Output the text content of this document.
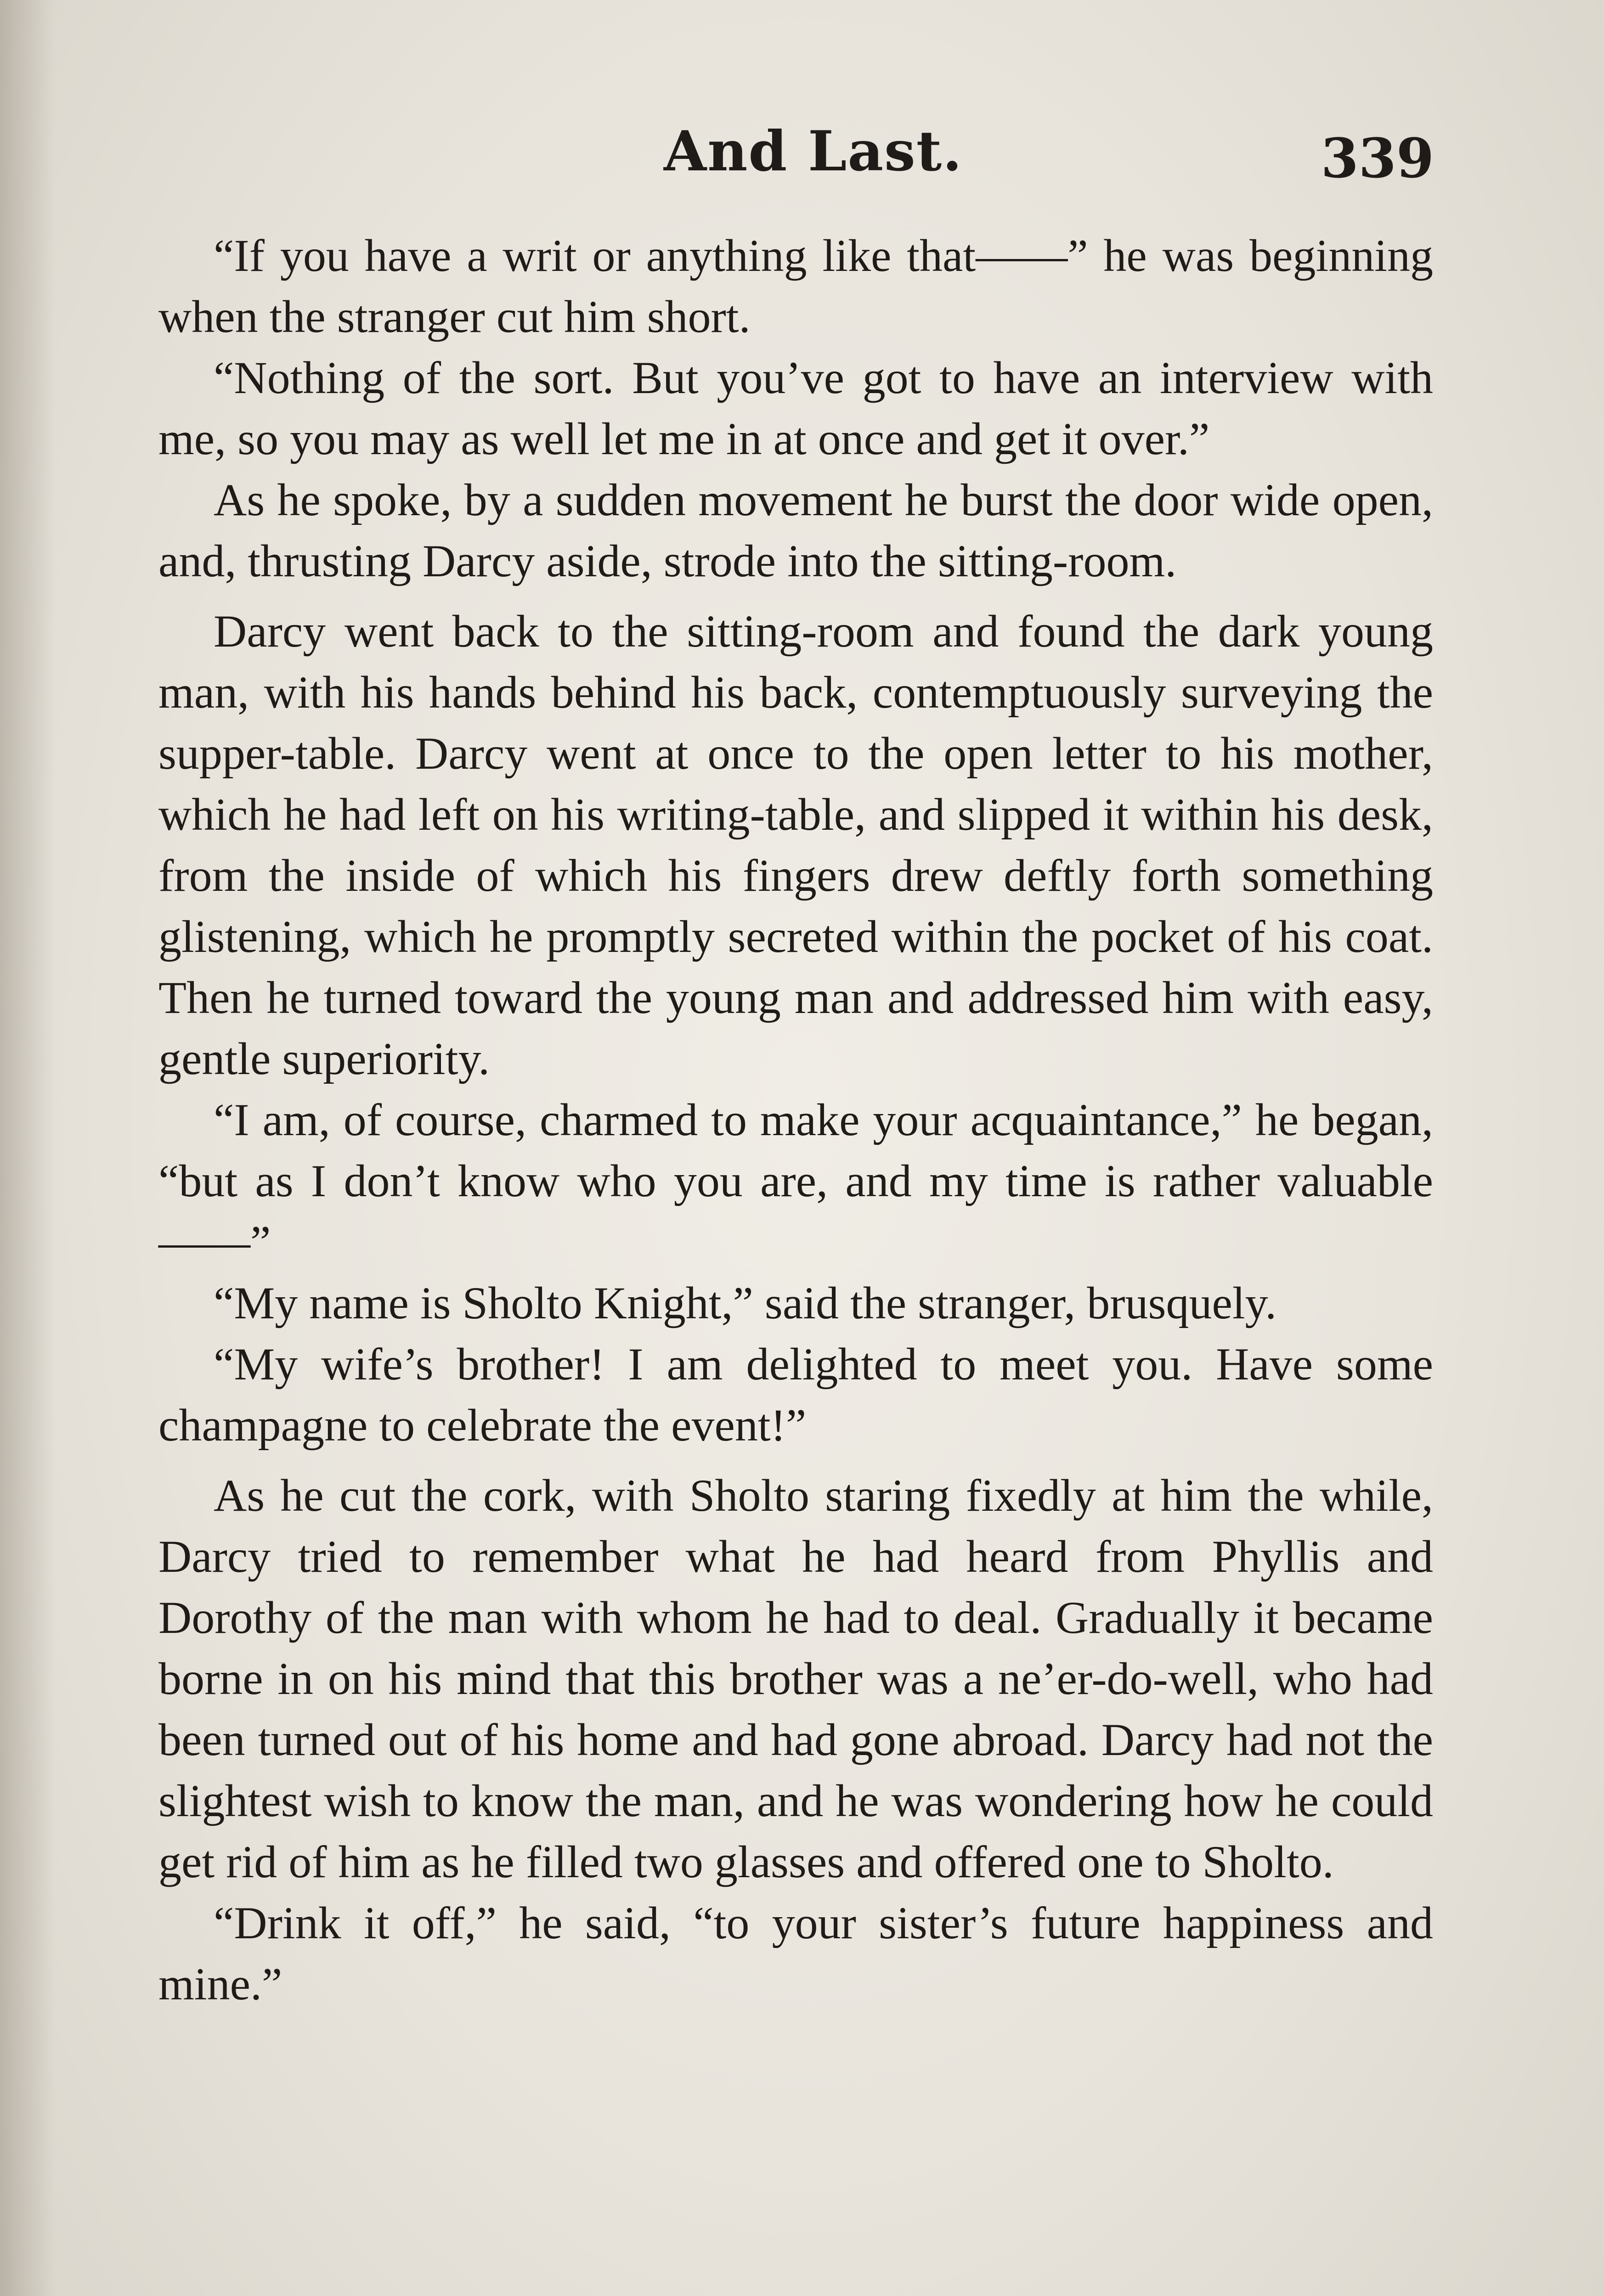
And Last.	339

“If you have a writ or anything like that——” he was beginning when the stranger cut him short.

“Nothing of the sort. But you’ve got to have an interview with me, so you may as well let me in at once and get it over.”

As he spoke, by a sudden movement he burst the door wide open, and, thrusting Darcy aside, strode into the sitting-room.

Darcy went back to the sitting-room and found the dark young man, with his hands behind his back, contemptuously surveying the supper-table. Darcy went at once to the open letter to his mother, which he had left on his writing-table, and slipped it within his desk, from the inside of which his fingers drew deftly forth something glistening, which he promptly secreted within the pocket of his coat. Then he turned toward the young man and addressed him with easy, gentle superiority.

“I am, of course, charmed to make your acquaintance,” he began, “but as I don’t know who you are, and my time is rather valuable——”

“My name is Sholto Knight,” said the stranger, brusquely.

“My wife’s brother! I am delighted to meet you. Have some champagne to celebrate the event!”

As he cut the cork, with Sholto staring fixedly at him the while, Darcy tried to remember what he had heard from Phyllis and Dorothy of the man with whom he had to deal. Gradually it became borne in on his mind that this brother was a ne’er-do-well, who had been turned out of his home and had gone abroad. Darcy had not the slightest wish to know the man, and he was wondering how he could get rid of him as he filled two glasses and offered one to Sholto.

“Drink it off,” he said, “to your sister’s future happiness and mine.”
